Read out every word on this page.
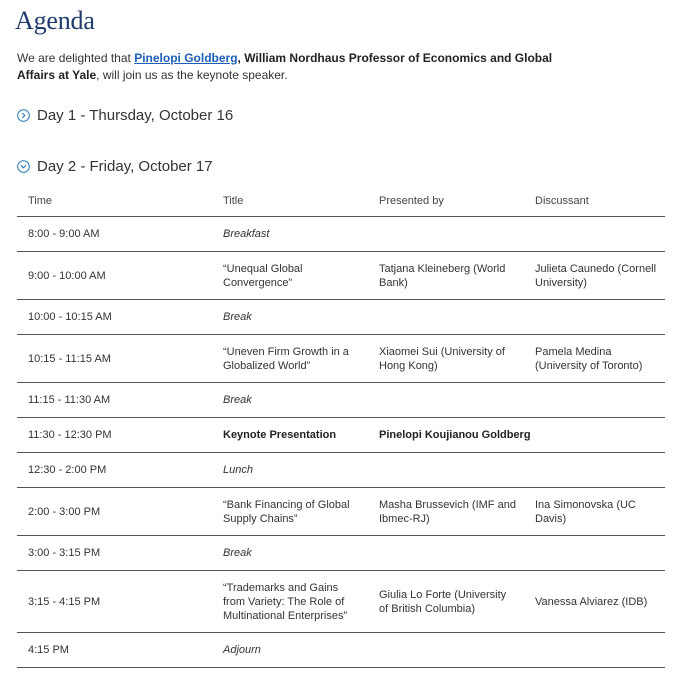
Agenda

We are delighted that Pinelopi Goldberg, William Nordhaus Professor of Economics and Global Affairs at Yale, will join us as the keynote speaker.

Day 1 - Thursday, October 16
Day 2 - Friday, October 17
Time	Title	Presented by	Discussant
8:00 - 9:00 AM	Breakfast		
9:00 - 10:00 AM	“Unequal Global Convergence”	Tatjana Kleineberg (World Bank)	Julieta Caunedo (Cornell University)
10:00 - 10:15 AM	Break		
10:15 - 11:15 AM	“Uneven Firm Growth in a Globalized World”	Xiaomei Sui (University of Hong Kong)	Pamela Medina (University of Toronto)
11:15 - 11:30 AM	Break		
11:30 - 12:30 PM	Keynote Presentation	Pinelopi Koujianou Goldberg	
12:30 - 2:00 PM	Lunch		
2:00 - 3:00 PM	“Bank Financing of Global Supply Chains”	Masha Brussevich (IMF and Ibmec-RJ)	Ina Simonovska (UC Davis)
3:00 - 3:15 PM	Break		
3:15 - 4:15 PM	“Trademarks and Gains from Variety: The Role of Multinational Enterprises”	Giulia Lo Forte (University of British Columbia)	Vanessa Alviarez (IDB)
4:15 PM	Adjourn		
